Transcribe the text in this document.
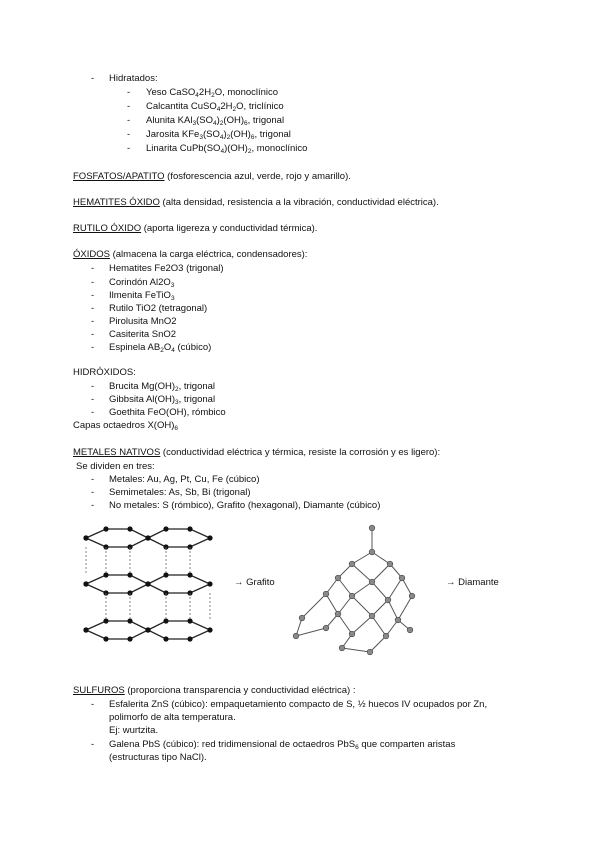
- Hidratados:
- Yeso $CaSO_42H_2O$, monoclínico
- Calcantita $CuSO_42H_2O$, triclínico
- Alunita $KAl_3(SO_4)_2(OH)_6$, trigonal
- Jarosita $KFe_3(SO_4)_2(OH)_6$, trigonal
- Linarita $CuPb(SO_4)(OH)_2$, monoclínico
FOSFATOS/APATITO (fosforescencia azul, verde, rojo y amarillo).
HEMATITES ÓXIDO (alta densidad, resistencia a la vibración, conductividad eléctrica).
RUTILO ÓXIDO (aporta ligereza y conductividad térmica).
ÓXIDOS (almacena la carga eléctrica, condensadores):
- Hematites Fe2O3 (trigonal)
- Corindón $Al2O_3$
- Ilmenita FeTiO$_3$
- Rutilo TiO2 (tetragonal)
- Pirolusita MnO2
- Casiterita SnO2
- Espinela $AB_2O_4$ (cúbico)
HIDRÓXIDOS:
- Brucita $Mg(OH)_2$, trigonal
- Gibbsita $Al(OH)_3$, trigonal
- Goethita FeO(OH), rómbico
Capas octaedros $X(OH)_6$
METALES NATIVOS (conductividad eléctrica y térmica, resiste la corrosión y es ligero):
Se dividen en tres:
- Metales: Au, Ag, Pt, Cu, Fe (cúbico)
- Semimetales: As, Sb, Bi (trigonal)
- No metales: S (rómbico), Grafito (hexagonal), Diamante (cúbico)
→ Grafito	→ Diamante
SULFUROS (proporciona transparencia y conductividad eléctrica) :
- Esfalerita ZnS (cúbico): empaquetamiento compacto de S, ½ huecos IV ocupados por Zn,
polimorfo de alta temperatura.
Ej: wurtzita.
- Galena PbS (cúbico): red tridimensional de octaedros PbS$_6$ que comparten aristas
(estructuras tipo NaCl).
